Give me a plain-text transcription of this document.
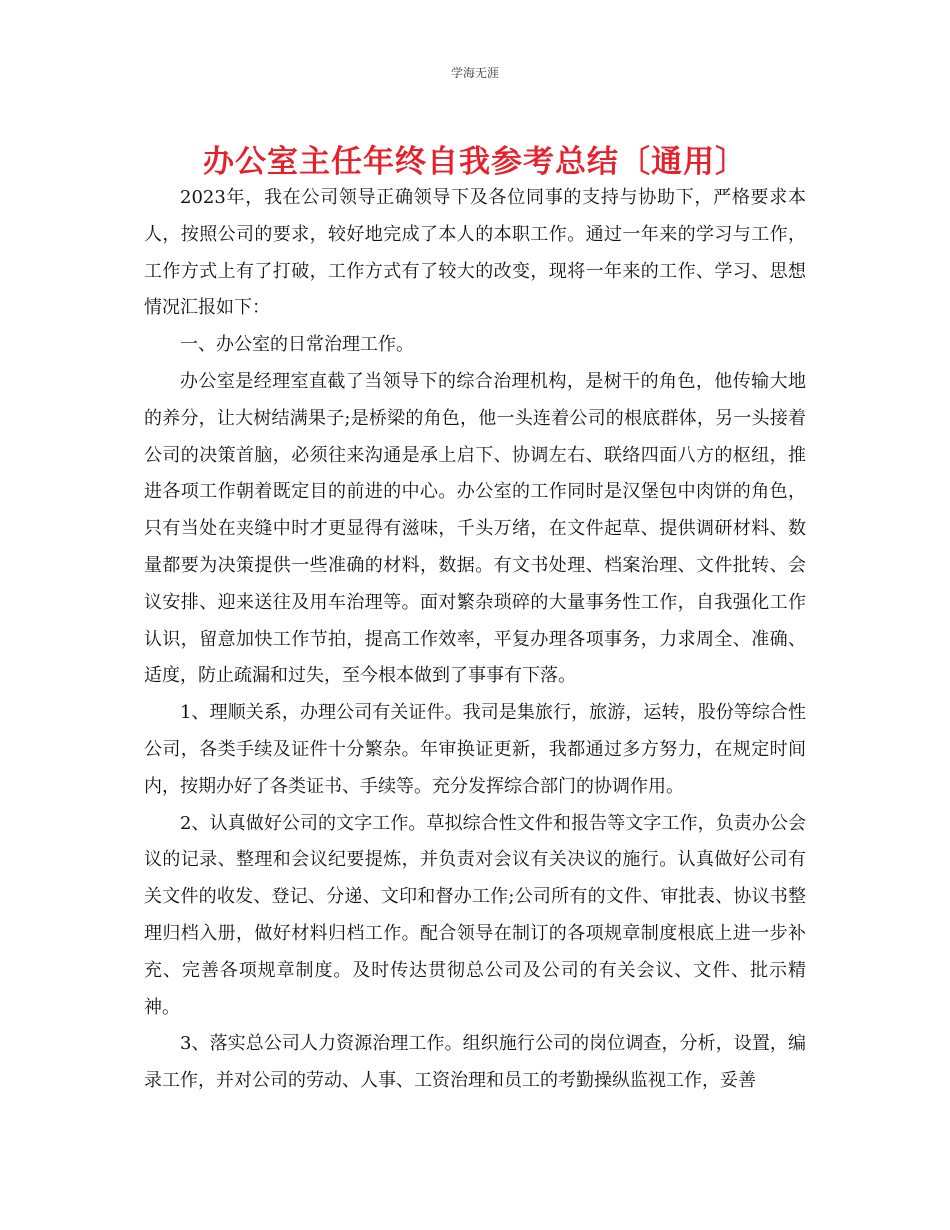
学海无涯
办公室主任年终自我参考总结〔通用〕

2023年，我在公司领导正确领导下及各位同事的支持与协助下，严格要求本人，按照公司的要求，较好地完成了本人的本职工作。通过一年来的学习与工作，工作方式上有了打破，工作方式有了较大的改变，现将一年来的工作、学习、思想情况汇报如下：

一、办公室的日常治理工作。

办公室是经理室直截了当领导下的综合治理机构，是树干的角色，他传输大地的养分，让大树结满果子;是桥梁的角色，他一头连着公司的根底群体，另一头接着公司的决策首脑，必须往来沟通是承上启下、协调左右、联络四面八方的枢纽，推进各项工作朝着既定目的前进的中心。办公室的工作同时是汉堡包中肉饼的角色，只有当处在夹缝中时才更显得有滋味，千头万绪，在文件起草、提供调研材料、数量都要为决策提供一些准确的材料，数据。有文书处理、档案治理、文件批转、会议安排、迎来送往及用车治理等。面对繁杂琐碎的大量事务性工作，自我强化工作认识，留意加快工作节拍，提高工作效率，平复办理各项事务，力求周全、准确、适度，防止疏漏和过失，至今根本做到了事事有下落。

1、理顺关系，办理公司有关证件。我司是集旅行，旅游，运转，股份等综合性公司，各类手续及证件十分繁杂。年审换证更新，我都通过多方努力，在规定时间内，按期办好了各类证书、手续等。充分发挥综合部门的协调作用。

2、认真做好公司的文字工作。草拟综合性文件和报告等文字工作，负责办公会议的记录、整理和会议纪要提炼，并负责对会议有关决议的施行。认真做好公司有关文件的收发、登记、分递、文印和督办工作;公司所有的文件、审批表、协议书整理归档入册，做好材料归档工作。配合领导在制订的各项规章制度根底上进一步补充、完善各项规章制度。及时传达贯彻总公司及公司的有关会议、文件、批示精神。

3、落实总公司人力资源治理工作。组织施行公司的岗位调查，分析，设置，编录工作，并对公司的劳动、人事、工资治理和员工的考勤操纵监视工作，妥善
